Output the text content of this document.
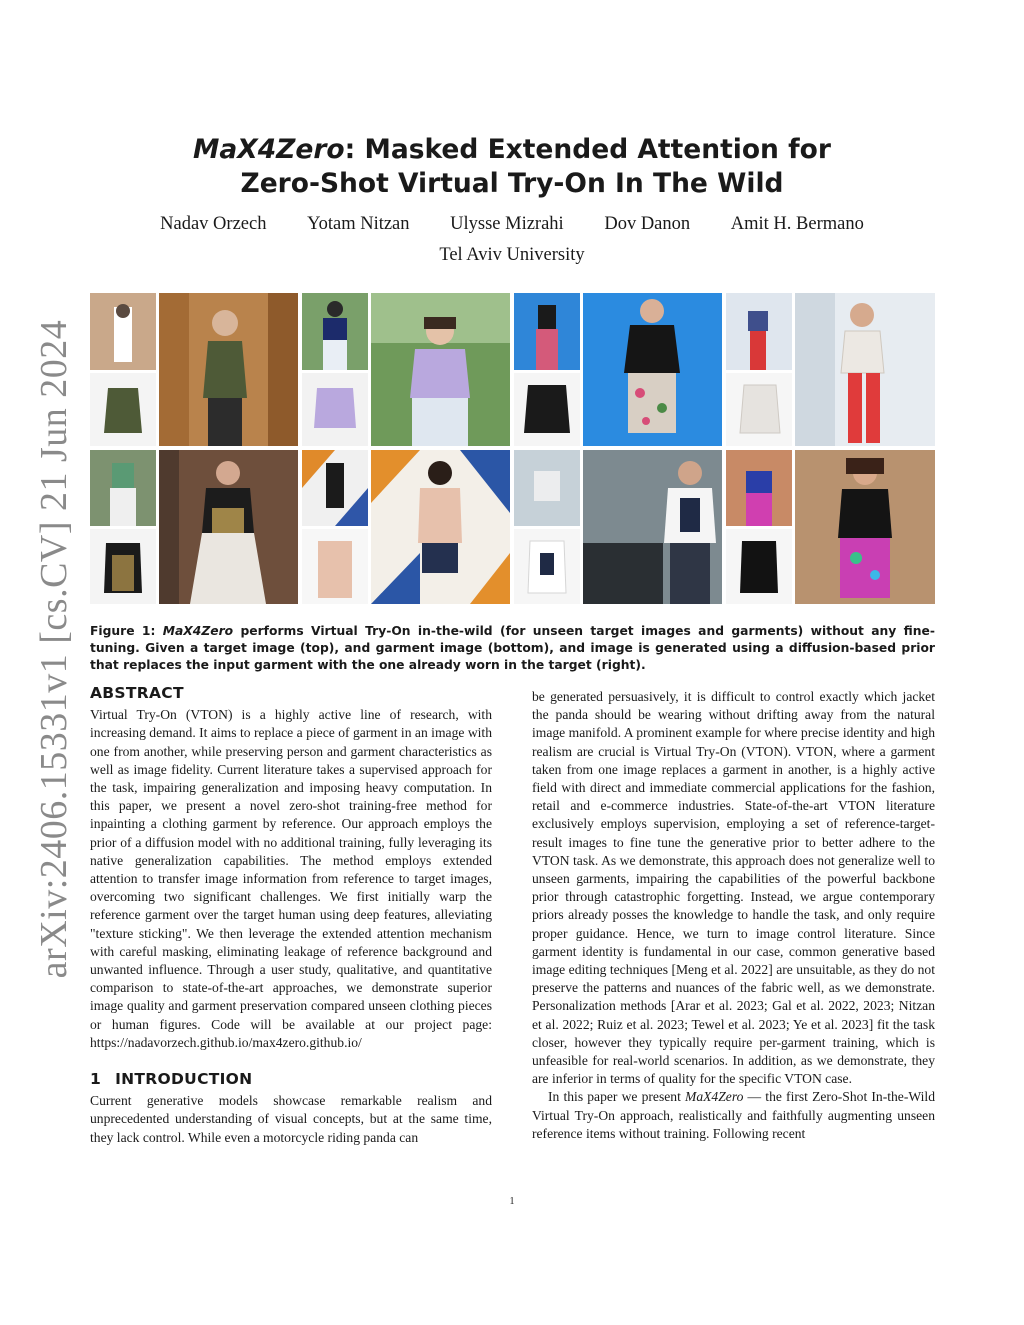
arXiv:2406.15331v1 [cs.CV] 21 Jun 2024
MaX4Zero: Masked Extended Attention for
Zero-Shot Virtual Try-On In The Wild
Nadav Orzech Yotam Nitzan Ulysse Mizrahi Dov Danon Amit H. Bermano
Tel Aviv University
Figure 1: MaX4Zero performs Virtual Try-On in-the-wild (for unseen target images and garments) without any fine-tuning. Given a target image (top), and garment image (bottom), and image is generated using a diffusion-based prior that replaces the input garment with the one already worn in the target (right).
ABSTRACT

Virtual Try-On (VTON) is a highly active line of research, with increasing demand. It aims to replace a piece of garment in an image with one from another, while preserving person and garment characteristics as well as image fidelity. Current literature takes a supervised approach for the task, impairing generalization and imposing heavy computation. In this paper, we present a novel zero-shot training-free method for inpainting a clothing garment by reference. Our approach employs the prior of a diffusion model with no additional training, fully leveraging its native generalization capabilities. The method employs extended attention to transfer image information from reference to target images, overcoming two significant challenges. We first initially warp the reference garment over the target human using deep features, alleviating "texture sticking". We then leverage the extended attention mechanism with careful masking, eliminating leakage of reference background and unwanted influence. Through a user study, qualitative, and quantitative comparison to state-of-the-art approaches, we demonstrate superior image quality and garment preservation compared unseen clothing pieces or human figures. Code will be available at our project page: https://nadavorzech.github.io/max4zero.github.io/

1 INTRODUCTION

Current generative models showcase remarkable realism and unprecedented understanding of visual concepts, but at the same time, they lack control. While even a motorcycle riding panda can

be generated persuasively, it is difficult to control exactly which jacket the panda should be wearing without drifting away from the natural image manifold. A prominent example for where precise identity and high realism are crucial is Virtual Try-On (VTON). VTON, where a garment taken from one image replaces a garment in another, is a highly active field with direct and immediate commercial applications for the fashion, retail and e-commerce industries. State-of-the-art VTON literature exclusively employs supervision, employing a set of reference-target-result images to fine tune the generative prior to better adhere to the VTON task. As we demonstrate, this approach does not generalize well to unseen garments, impairing the capabilities of the powerful backbone prior through catastrophic forgetting. Instead, we argue contemporary priors already posses the knowledge to handle the task, and only require proper guidance. Hence, we turn to image control literature. Since garment identity is fundamental in our case, common generative based image editing techniques [Meng et al. 2022] are unsuitable, as they do not preserve the patterns and nuances of the fabric well, as we demonstrate. Personalization methods [Arar et al. 2023; Gal et al. 2022, 2023; Nitzan et al. 2022; Ruiz et al. 2023; Tewel et al. 2023; Ye et al. 2023] fit the task closer, however they typically require per-garment training, which is unfeasible for real-world scenarios. In addition, as we demonstrate, they are inferior in terms of quality for the specific VTON case.

In this paper we present MaX4Zero — the first Zero-Shot In-the-Wild Virtual Try-On approach, realistically and faithfully augmenting unseen reference items without training. Following recent

1
